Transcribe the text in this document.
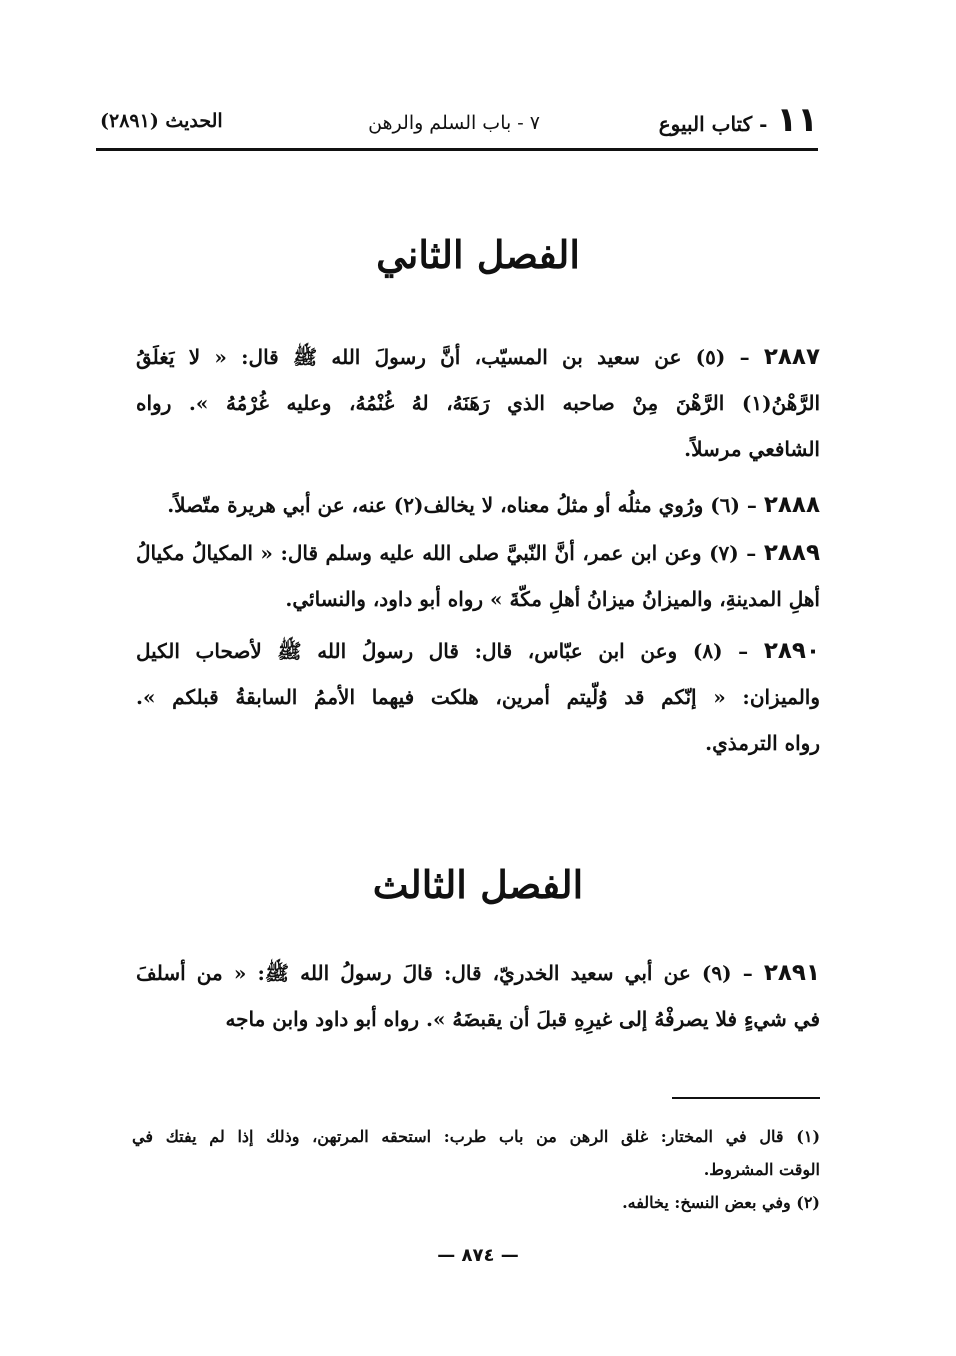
١١ - كتاب البيوع
٧ - باب السلم والرهن
الحديث (٢٨٩١)
الفصل الثاني
٢٨٨٧ – (٥) عن سعيد بن المسيّب، أنَّ رسولَ الله ﷺ قال: « لا يَغلَقُ
الرَّهْنُ(١) الرَّهْنَ مِنْ صاحبه الذي رَهَنَهُ، لهُ غُنْمُهُ، وعليه غُرْمُهُ ». رواه
الشافعي مرسلاً.
٢٨٨٨ – (٦) ورُوي مثلُه أو مثلُ معناه، لا يخالف(٢) عنه، عن أبي هريرة متّصلاً.
٢٨٨٩ – (٧) وعن ابن عمر، أنَّ النّبيَّ صلى الله عليه وسلم قال: « المكيالُ مكيالُ
أهلِ المدينةِ، والميزانُ ميزانُ أهلِ مكّةَ » رواه أبو داود، والنسائي.
٢٨٩٠ – (٨) وعن ابن عبّاس، قال: قال رسولُ الله ﷺ لأصحاب الكيل
والميزان: « إنّكم قد وُلّيتم أمرين، هلكت فيهما الأممُ السابقةُ قبلكم ».
رواه الترمذي.
الفصل الثالث
٢٨٩١ – (٩) عن أبي سعيد الخدريّ، قال: قالَ رسولُ الله ﷺ: « من أسلفَ
في شيءٍ فلا يصرفْهُ إلى غيرِهِ قبلَ أن يقبضَهُ ». رواه أبو داود وابن ماجه
(١) قال في المختار: غلق الرهن من باب طرب: استحقه المرتهن، وذلك إذا لم يفتك في
الوقت المشروط.
(٢) وفي بعض النسخ: يخالفه.
— ٨٧٤ —
